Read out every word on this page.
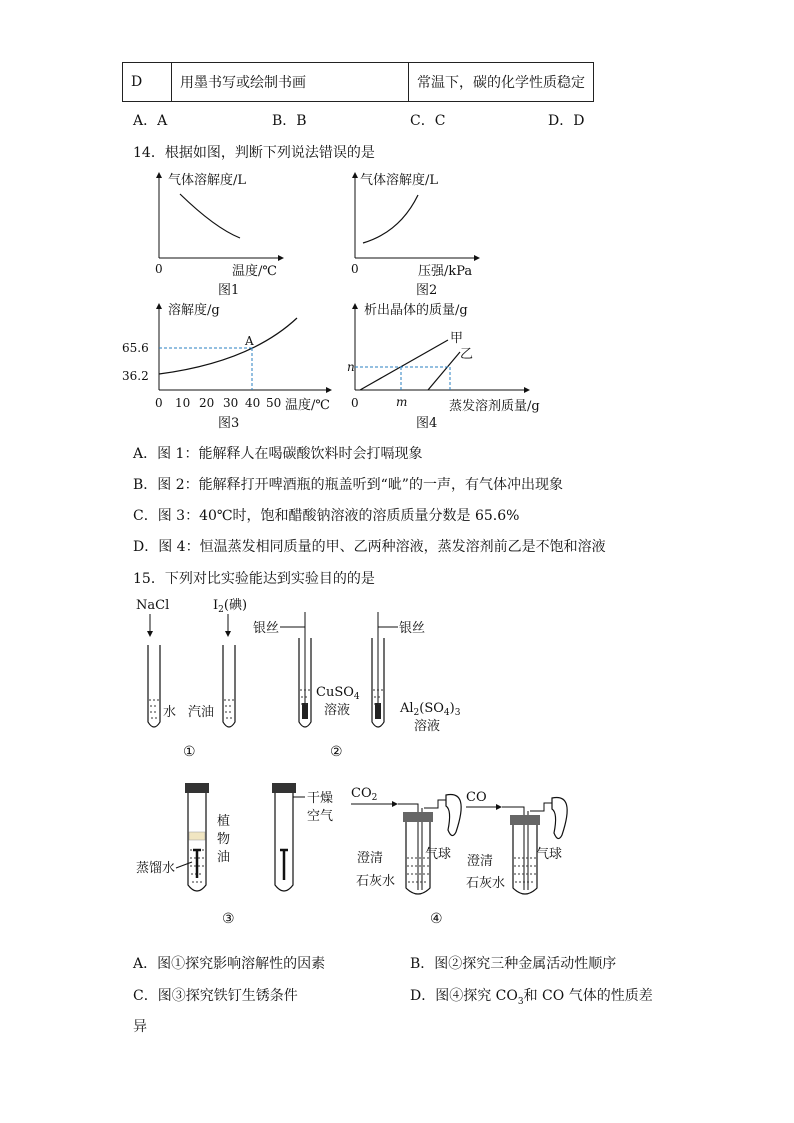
D	用墨书写或绘制书画	常温下，碳的化学性质稳定
A．A	B．B	C．C	D．D
14．根据如图，判断下列说法错误的是
气体溶解度/L
0	温度/℃
图1
气体溶解度/L
0	压强/kPa
图2
溶解度/g
65.6
36.2
A
0 10 20 30 40 50 温度/℃
图3
析出晶体的质量/g
n
m
0
甲
乙
蒸发溶剂质量/g
图4
NaCl	$I_2$(碘)
水 汽油
①
银丝
CuSO$_4$
溶液
银丝
$Al_2(SO_4)_3$
溶液
②
植
物
油
蒸馏水
干燥
空气
③
$CO_2$
气球
澄清
石灰水
CO
气球
澄清
石灰水
④
A．图 1：能解释人在喝碳酸饮料时会打嗝现象
B．图 2：能解释打开啤酒瓶的瓶盖听到“呲”的一声，有气体冲出现象
C．图 3：40℃时，饱和醋酸钠溶液的溶质质量分数是 65.6%
D．图 4：恒温蒸发相同质量的甲、乙两种溶液，蒸发溶剂前乙是不饱和溶液
15．下列对比实验能达到实验目的的是
A．图①探究影响溶解性的因素	B．图②探究三种金属活动性顺序
C．图③探究铁钉生锈条件	D．图④探究 $CO_3$和 CO 气体的性质差
异
